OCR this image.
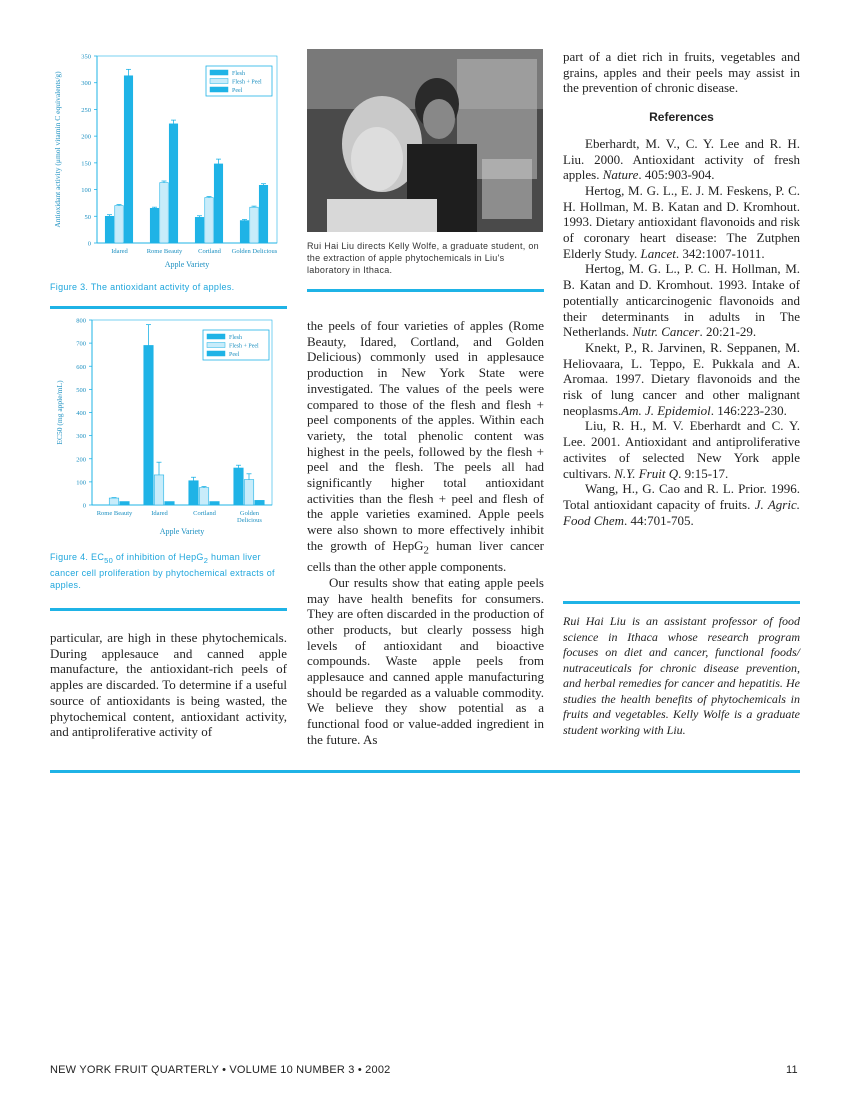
0
50
100
150
200
250
300
350
Antioxidant activity (μmol vitamin C equivalents/g)
Idared	Rome Beauty Cortland Golden Delicious
Apple Variety
Flesh
Flesh + Peel
Peel
Figure 3. The antioxidant activity of apples.
0
100
200
300
400
500
600
700
800
EC50 (mg apple/mL)
Rome Beauty	Idared	Cortland	Golden
Delicious
Apple Variety
Flesh
Flesh + Peel
Peel
Figure 4. $EC_{50}$ of inhibition of HepG$_2$ human liver cancer cell proliferation by phytochemical extracts of apples.

particular, are high in these phytochemicals. During applesauce and canned apple manufacture, the antioxidant-rich peels of apples are discarded. To determine if a useful source of antioxidants is being wasted, the phytochemical content, antioxidant activity, and antiproliferative activity of

Rui Hai Liu directs Kelly Wolfe, a graduate student, on the extraction of apple phytochemicals in Liu's laboratory in Ithaca.

the peels of four varieties of apples (Rome Beauty, Idared, Cortland, and Golden Delicious) commonly used in applesauce production in New York State were investigated. The values of the peels were compared to those of the flesh and flesh + peel components of the apples. Within each variety, the total phenolic content was highest in the peels, followed by the flesh + peel and the flesh. The peels all had significantly higher total antioxidant activities than the flesh + peel and flesh of the apple varieties examined. Apple peels were also shown to more effectively inhibit the growth of HepG$_2$ human liver cancer cells than the other apple components.

Our results show that eating apple peels may have health benefits for consumers. They are often discarded in the production of other products, but clearly possess high levels of antioxidant and bioactive compounds. Waste apple peels from applesauce and canned apple manufacturing should be regarded as a valuable commodity. We believe they show potential as a functional food or value-added ingredient in the future. As

part of a diet rich in fruits, vegetables and grains, apples and their peels may assist in the prevention of chronic disease.

References

Eberhardt, M. V., C. Y. Lee and R. H. Liu. 2000. Antioxidant activity of fresh apples. Nature. 405:903-904.

Hertog, M. G. L., E. J. M. Feskens, P. C. H. Hollman, M. B. Katan and D. Kromhout. 1993. Dietary antioxidant flavonoids and risk of coronary heart disease: The Zutphen Elderly Study. Lancet. 342:1007-1011.

Hertog, M. G. L., P. C. H. Hollman, M. B. Katan and D. Kromhout. 1993. Intake of potentially anticarcinogenic flavonoids and their determinants in adults in The Netherlands. Nutr. Cancer. 20:21-29.

Knekt, P., R. Jarvinen, R. Seppanen, M. Heliovaara, L. Teppo, E. Pukkala and A. Aromaa. 1997. Dietary flavonoids and the risk of lung cancer and other malignant neoplasms.Am. J. Epidemiol. 146:223-230.

Liu, R. H., M. V. Eberhardt and C. Y. Lee. 2001. Antioxidant and antiproliferative activites of selected New York apple cultivars. N.Y. Fruit Q. 9:15-17.

Wang, H., G. Cao and R. L. Prior. 1996. Total antioxidant capacity of fruits. J. Agric. Food Chem. 44:701-705.

Rui Hai Liu is an assistant professor of food science in Ithaca whose research program focuses on diet and cancer, functional foods/ nutraceuticals for chronic disease prevention, and herbal remedies for cancer and hepatitis. He studies the health benefits of phytochemicals in fruits and vegetables. Kelly Wolfe is a graduate student working with Liu.
NEW YORK FRUIT QUARTERLY • VOLUME 10 NUMBER 3 • 2002	11
